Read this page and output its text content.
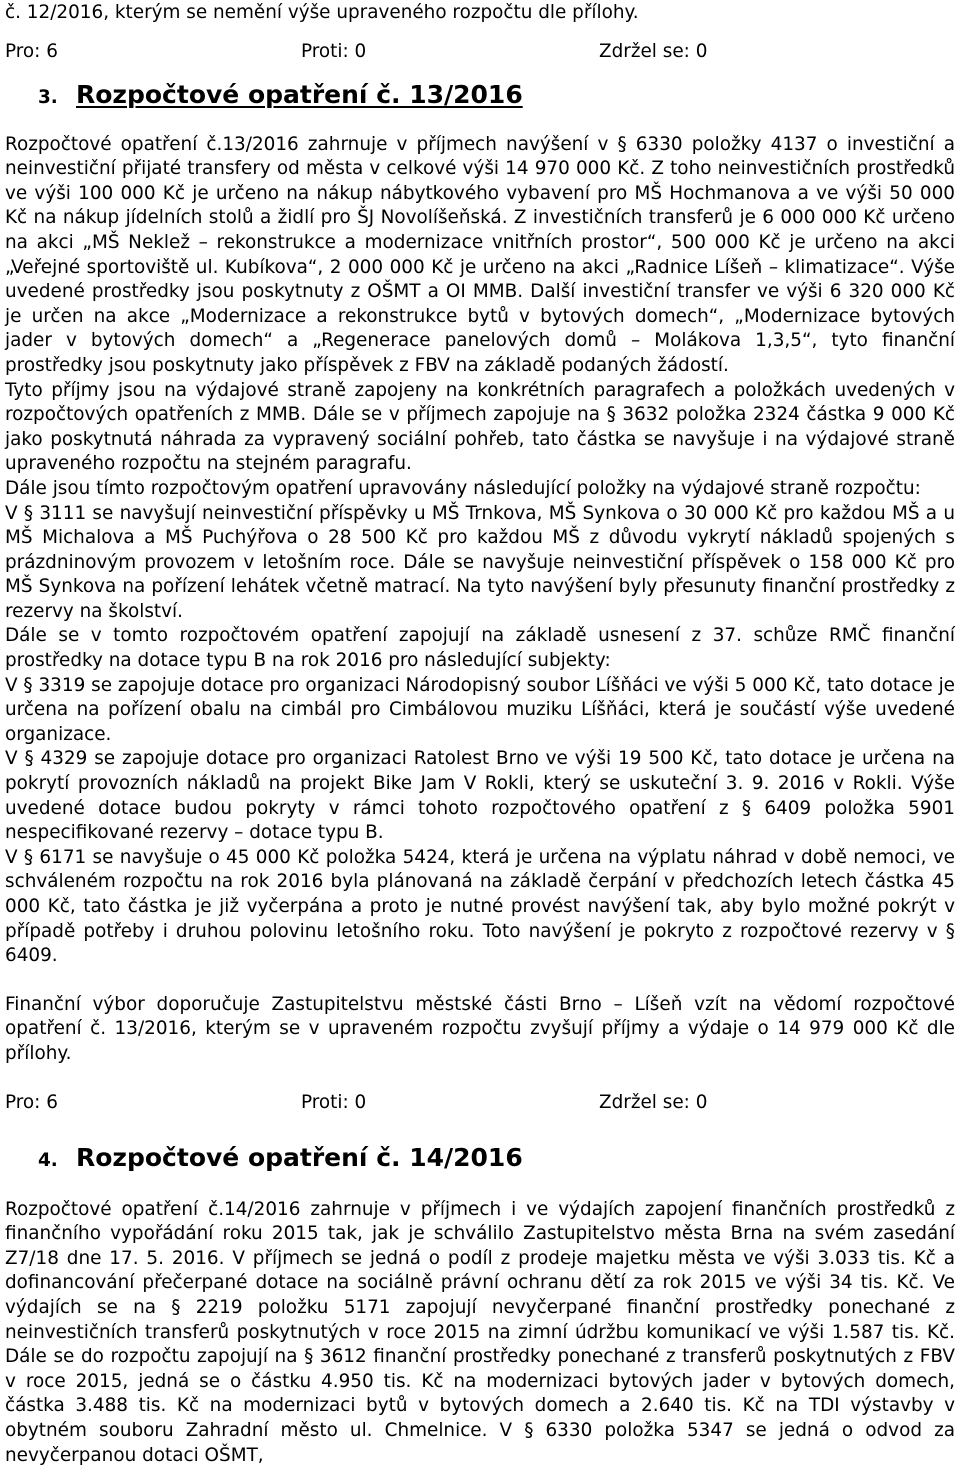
č. 12/2016, kterým se nemění výše upraveného rozpočtu dle přílohy.

Pro: 6	Proti: 0	Zdržel se: 0
3. Rozpočtové opatření č. 13/2016

Rozpočtové opatření č.13/2016 zahrnuje v příjmech navýšení v § 6330 položky 4137 o investiční a neinvestiční přijaté transfery od města v celkové výši 14 970 000 Kč. Z toho neinvestičních prostředků ve výši 100 000 Kč je určeno na nákup nábytkového vybavení pro MŠ Hochmanova a ve výši 50 000 Kč na nákup jídelních stolů a židlí pro ŠJ Novolíšeňská. Z investičních transferů je 6 000 000 Kč určeno na akci „MŠ Neklež – rekonstrukce a modernizace vnitřních prostor“, 500 000 Kč je určeno na akci „Veřejné sportoviště ul. Kubíkova“, 2 000 000 Kč je určeno na akci „Radnice Líšeň – klimatizace“. Výše uvedené prostředky jsou poskytnuty z OŠMT a OI MMB. Další investiční transfer ve výši 6 320 000 Kč je určen na akce „Modernizace a rekonstrukce bytů v bytových domech“, „Modernizace bytových jader v bytových domech“ a „Regenerace panelových domů – Molákova 1,3,5“, tyto finanční prostředky jsou poskytnuty jako příspěvek z FBV na základě podaných žádostí.

Tyto příjmy jsou na výdajové straně zapojeny na konkrétních paragrafech a položkách uvedených v rozpočtových opatřeních z MMB. Dále se v příjmech zapojuje na § 3632 položka 2324 částka 9 000 Kč jako poskytnutá náhrada za vypravený sociální pohřeb, tato částka se navyšuje i na výdajové straně upraveného rozpočtu na stejném paragrafu.

Dále jsou tímto rozpočtovým opatření upravovány následující položky na výdajové straně rozpočtu:

V § 3111 se navyšují neinvestiční příspěvky u MŠ Trnkova, MŠ Synkova o 30 000 Kč pro každou MŠ a u MŠ Michalova a MŠ Puchýřova o 28 500 Kč pro každou MŠ z důvodu vykrytí nákladů spojených s prázdninovým provozem v letošním roce. Dále se navyšuje neinvestiční příspěvek o 158 000 Kč pro MŠ Synkova na pořízení lehátek včetně matrací. Na tyto navýšení byly přesunuty finanční prostředky z rezervy na školství.

Dále se v tomto rozpočtovém opatření zapojují na základě usnesení z 37. schůze RMČ finanční prostředky na dotace typu B na rok 2016 pro následující subjekty:

V § 3319 se zapojuje dotace pro organizaci Národopisný soubor Líšňáci ve výši 5 000 Kč, tato dotace je určena na pořízení obalu na cimbál pro Cimbálovou muziku Líšňáci, která je součástí výše uvedené organizace.

V § 4329 se zapojuje dotace pro organizaci Ratolest Brno ve výši 19 500 Kč, tato dotace je určena na pokrytí provozních nákladů na projekt Bike Jam V Rokli, který se uskuteční 3. 9. 2016 v Rokli. Výše uvedené dotace budou pokryty v rámci tohoto rozpočtového opatření z § 6409 položka 5901 nespecifikované rezervy – dotace typu B.

V § 6171 se navyšuje o 45 000 Kč položka 5424, která je určena na výplatu náhrad v době nemoci, ve schváleném rozpočtu na rok 2016 byla plánovaná na základě čerpání v předchozích letech částka 45 000 Kč, tato částka je již vyčerpána a proto je nutné provést navýšení tak, aby bylo možné pokrýt v případě potřeby i druhou polovinu letošního roku. Toto navýšení je pokryto z rozpočtové rezervy v § 6409.

Finanční výbor doporučuje Zastupitelstvu městské části Brno – Líšeň vzít na vědomí rozpočtové opatření č. 13/2016, kterým se v upraveném rozpočtu zvyšují příjmy a výdaje o 14 979 000 Kč dle přílohy.

Pro: 6	Proti: 0	Zdržel se: 0
4. Rozpočtové opatření č. 14/2016

Rozpočtové opatření č.14/2016 zahrnuje v příjmech i ve výdajích zapojení finančních prostředků z finančního vypořádání roku 2015 tak, jak je schválilo Zastupitelstvo města Brna na svém zasedání Z7/18 dne 17. 5. 2016. V příjmech se jedná o podíl z prodeje majetku města ve výši 3.033 tis. Kč a dofinancování přečerpané dotace na sociálně právní ochranu dětí za rok 2015 ve výši 34 tis. Kč. Ve výdajích se na § 2219 položku 5171 zapojují nevyčerpané finanční prostředky ponechané z neinvestičních transferů poskytnutých v roce 2015 na zimní údržbu komunikací ve výši 1.587 tis. Kč. Dále se do rozpočtu zapojují na § 3612 finanční prostředky ponechané z transferů poskytnutých z FBV v roce 2015, jedná se o částku 4.950 tis. Kč na modernizaci bytových jader v bytových domech, částka 3.488 tis. Kč na modernizaci bytů v bytových domech a 2.640 tis. Kč na TDI výstavby v obytném souboru Zahradní město ul. Chmelnice. V § 6330 položka 5347 se jedná o odvod za nevyčerpanou dotaci OŠMT,
